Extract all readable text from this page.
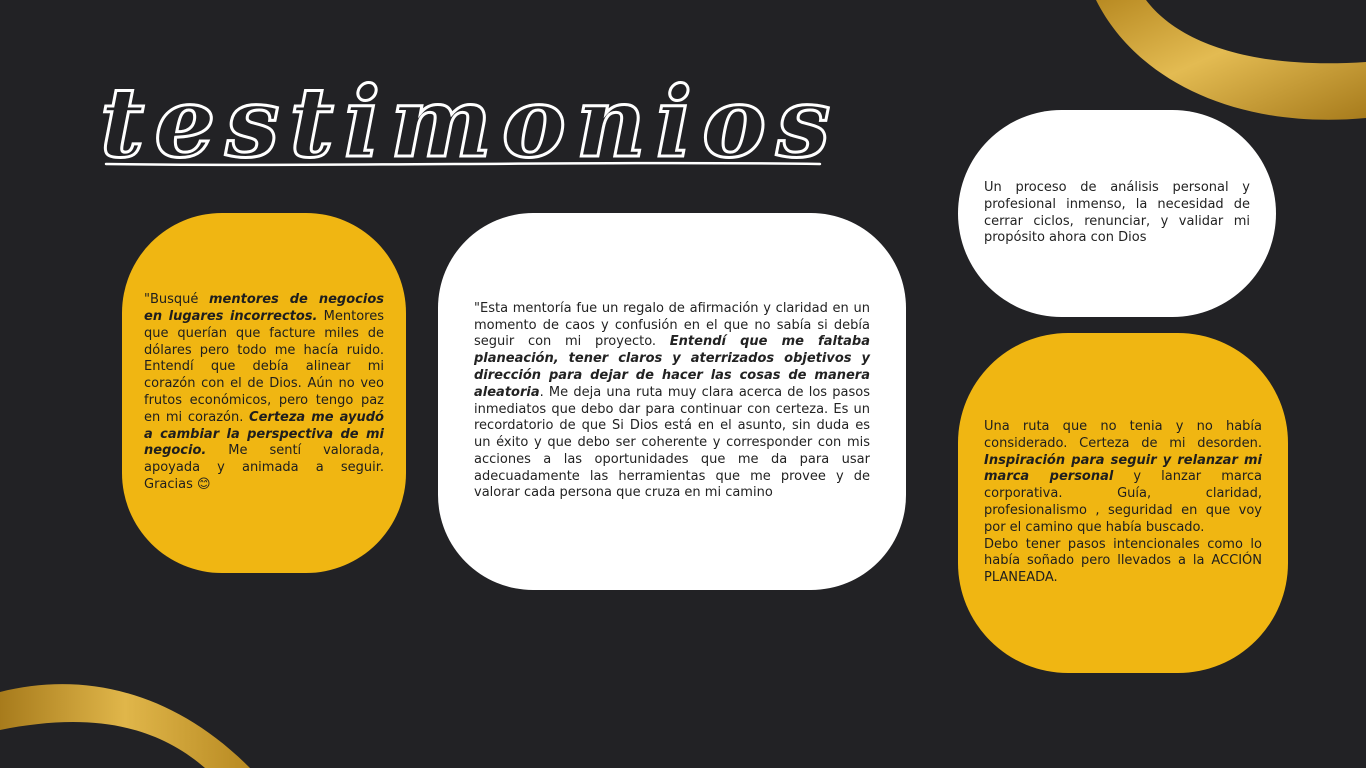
testimonios

"Busqué mentores de negocios en lugares incorrectos. Mentores que querían que facture miles de dólares pero todo me hacía ruido. Entendí que debía alinear mi corazón con el de Dios. Aún no veo frutos económicos, pero tengo paz en mi corazón. Certeza me ayudó a cambiar la perspectiva de mi negocio. Me sentí valorada, apoyada y animada a seguir. Gracias 😊

"Esta mentoría fue un regalo de afirmación y claridad en un momento de caos y confusión en el que no sabía si debía seguir con mi proyecto. Entendí que me faltaba planeación, tener claros y aterrizados objetivos y dirección para dejar de hacer las cosas de manera aleatoria. Me deja una ruta muy clara acerca de los pasos inmediatos que debo dar para continuar con certeza. Es un recordatorio de que Si Dios está en el asunto, sin duda es un éxito y que debo ser coherente y corresponder con mis acciones a las oportunidades que me da para usar adecuadamente las herramientas que me provee y de valorar cada persona que cruza en mi camino

Un proceso de análisis personal y profesional inmenso, la necesidad de cerrar ciclos, renunciar, y validar mi propósito ahora con Dios

Una ruta que no tenia y no había considerado. Certeza de mi desorden. Inspiración para seguir y relanzar mi marca personal y lanzar marca corporativa. Guía, claridad, profesionalismo , seguridad en que voy por el camino que había buscado.
Debo tener pasos intencionales como lo había soñado pero llevados a la ACCIÓN PLANEADA.
